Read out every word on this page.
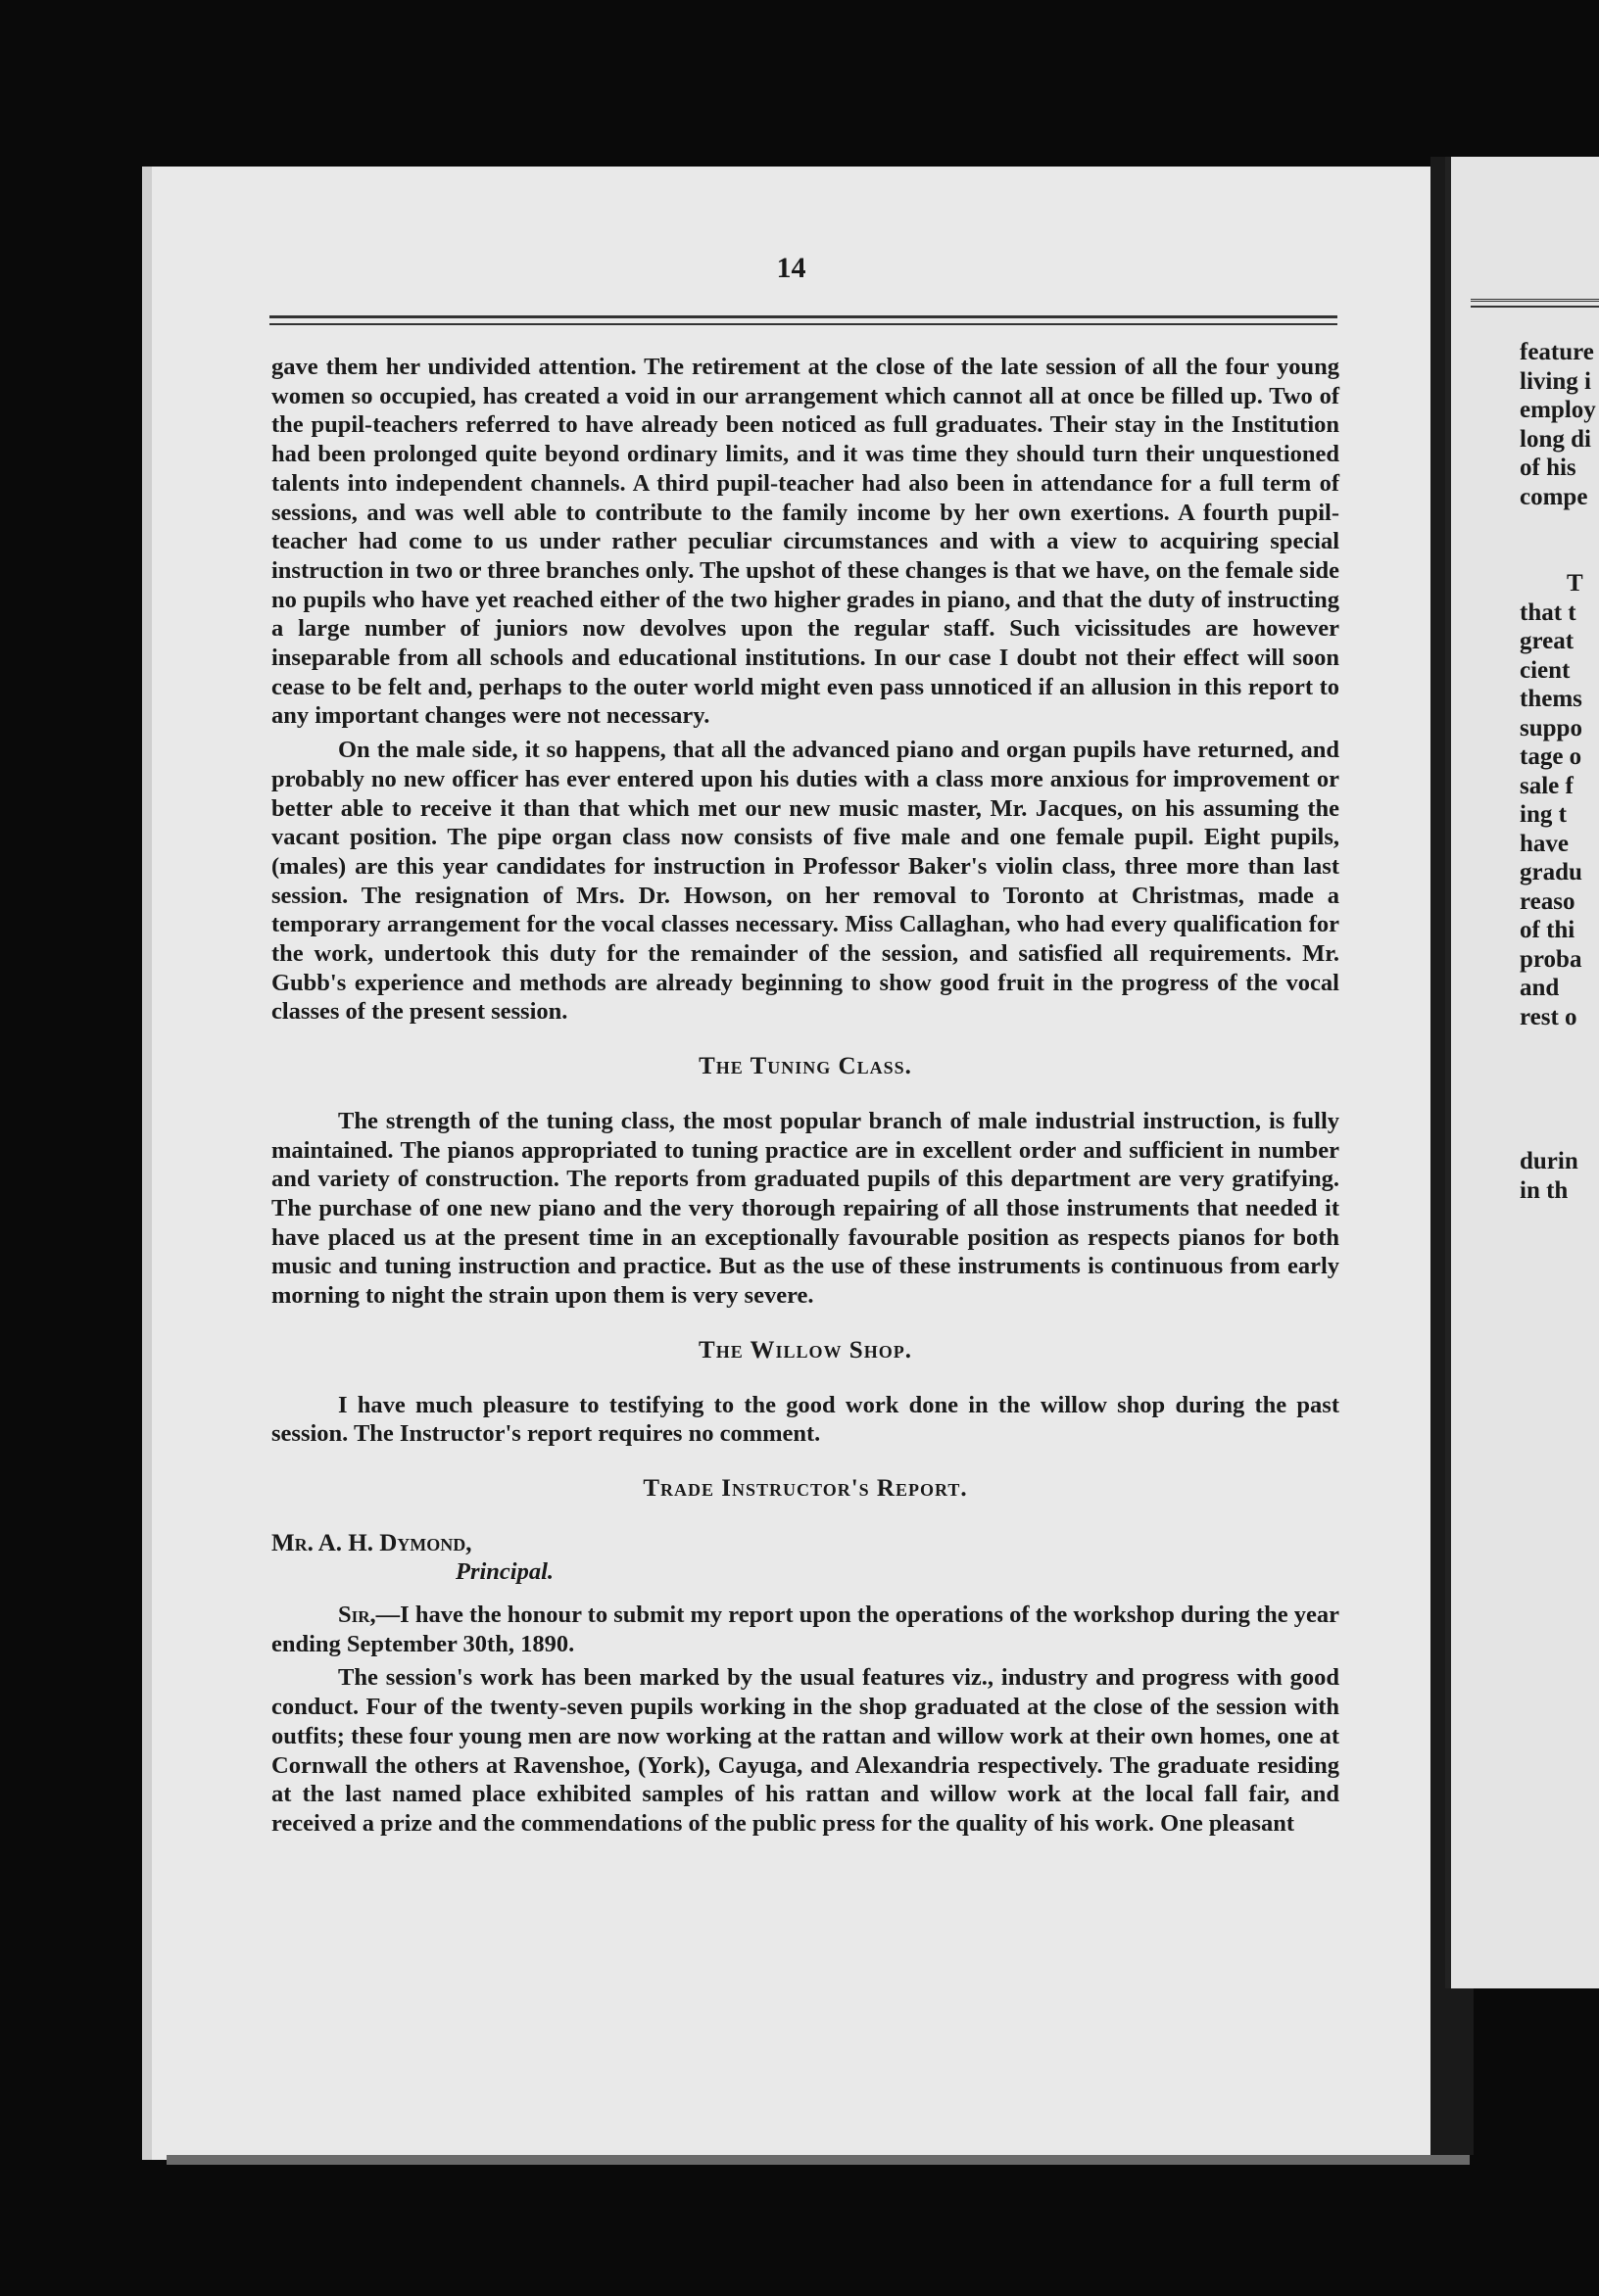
14

gave them her undivided attention. The retirement at the close of the late session of all the four young women so occupied, has created a void in our arrangement which cannot all at once be filled up. Two of the pupil-teachers referred to have already been noticed as full graduates. Their stay in the Institution had been prolonged quite beyond ordinary limits, and it was time they should turn their unquestioned talents into independent channels. A third pupil-teacher had also been in attendance for a full term of sessions, and was well able to contribute to the family income by her own exertions. A fourth pupil-teacher had come to us under rather peculiar circumstances and with a view to acquiring special instruction in two or three branches only. The upshot of these changes is that we have, on the female side no pupils who have yet reached either of the two higher grades in piano, and that the duty of instructing a large number of juniors now devolves upon the regular staff. Such vicissitudes are however inseparable from all schools and educational institutions. In our case I doubt not their effect will soon cease to be felt and, perhaps to the outer world might even pass unnoticed if an allusion in this report to any important changes were not necessary.

On the male side, it so happens, that all the advanced piano and organ pupils have returned, and probably no new officer has ever entered upon his duties with a class more anxious for improvement or better able to receive it than that which met our new music master, Mr. Jacques, on his assuming the vacant position. The pipe organ class now consists of five male and one female pupil. Eight pupils, (males) are this year candidates for instruction in Professor Baker's violin class, three more than last session. The resignation of Mrs. Dr. Howson, on her removal to Toronto at Christmas, made a temporary arrangement for the vocal classes necessary. Miss Callaghan, who had every qualification for the work, undertook this duty for the remainder of the session, and satisfied all requirements. Mr. Gubb's experience and methods are already beginning to show good fruit in the progress of the vocal classes of the present session.

The Tuning Class.

The strength of the tuning class, the most popular branch of male industrial instruction, is fully maintained. The pianos appropriated to tuning practice are in excellent order and sufficient in number and variety of construction. The reports from graduated pupils of this department are very gratifying. The purchase of one new piano and the very thorough repairing of all those instruments that needed it have placed us at the present time in an exceptionally favourable position as respects pianos for both music and tuning instruction and practice. But as the use of these instruments is continuous from early morning to night the strain upon them is very severe.

The Willow Shop.

I have much pleasure to testifying to the good work done in the willow shop during the past session. The Instructor's report requires no comment.

Trade Instructor's Report.
Mr. A. H. Dymond,
Principal.

Sir,—I have the honour to submit my report upon the operations of the workshop during the year ending September 30th, 1890.

The session's work has been marked by the usual features viz., industry and progress with good conduct. Four of the twenty-seven pupils working in the shop graduated at the close of the session with outfits; these four young men are now working at the rattan and willow work at their own homes, one at Cornwall the others at Ravenshoe, (York), Cayuga, and Alexandria respectively. The graduate residing at the last named place exhibited samples of his rattan and willow work at the local fall fair, and received a prize and the commendations of the public press for the quality of his work. One pleasant

feature
living i
employ
long di
of his
compe
T
that t
great
cient
thems
suppo
tage o
sale f
ing t
have
gradu
reaso
of thi
proba
and
rest o
durin
in th
